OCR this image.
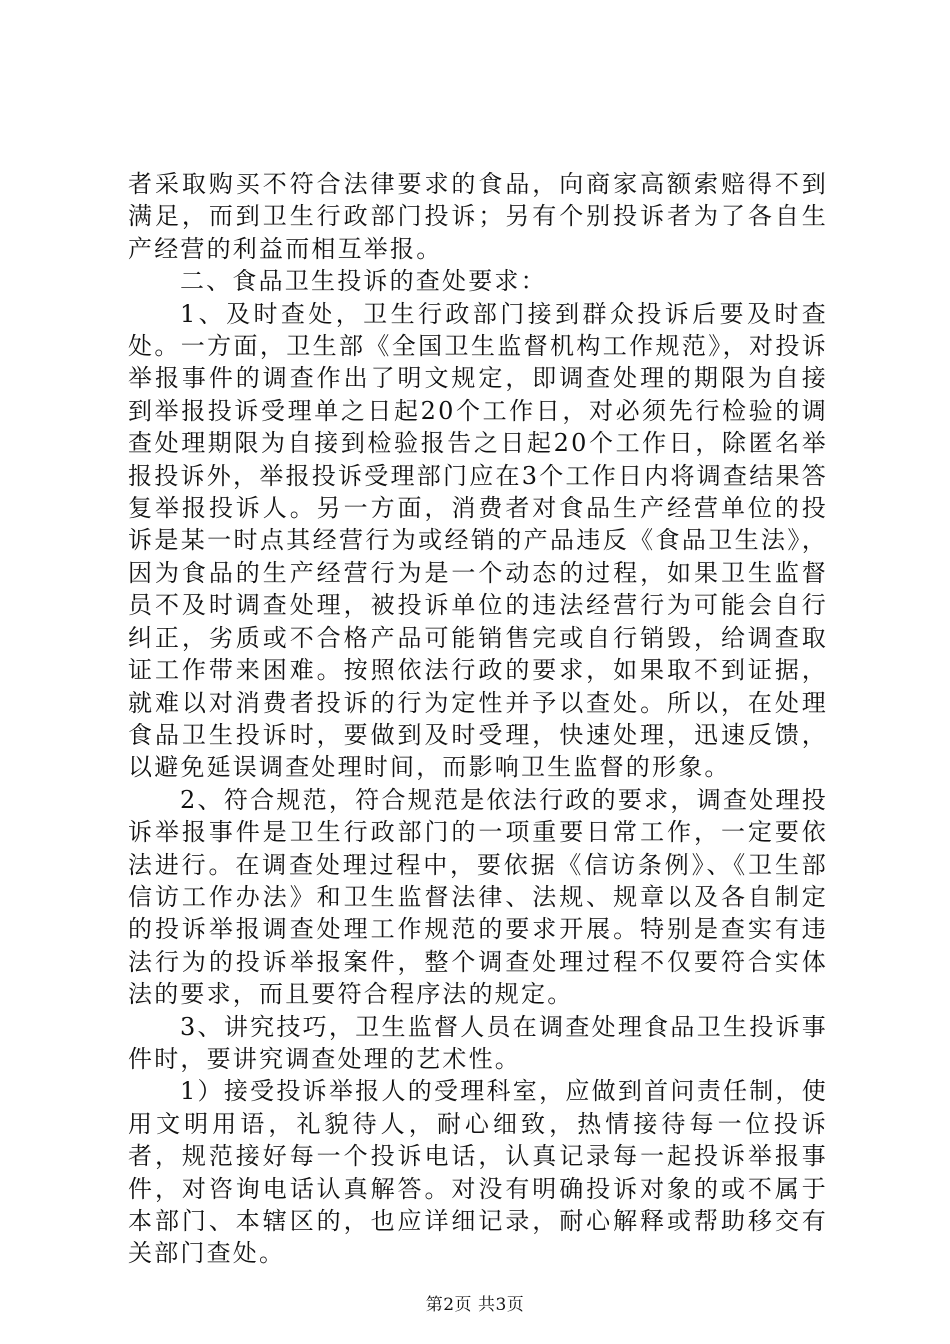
者采取购买不符合法律要求的食品，向商家高额索赔得不到满足，而到卫生行政部门投诉；另有个别投诉者为了各自生产经营的利益而相互举报。

二、食品卫生投诉的查处要求：

1、及时查处，卫生行政部门接到群众投诉后要及时查处。一方面，卫生部《全国卫生监督机构工作规范》，对投诉举报事件的调查作出了明文规定，即调查处理的期限为自接到举报投诉受理单之日起20个工作日，对必须先行检验的调查处理期限为自接到检验报告之日起20个工作日，除匿名举报投诉外，举报投诉受理部门应在3个工作日内将调查结果答复举报投诉人。另一方面，消费者对食品生产经营单位的投诉是某一时点其经营行为或经销的产品违反《食品卫生法》，因为食品的生产经营行为是一个动态的过程，如果卫生监督员不及时调查处理，被投诉单位的违法经营行为可能会自行纠正，劣质或不合格产品可能销售完或自行销毁，给调查取证工作带来困难。按照依法行政的要求，如果取不到证据，就难以对消费者投诉的行为定性并予以查处。所以，在处理食品卫生投诉时，要做到及时受理，快速处理，迅速反馈，以避免延误调查处理时间，而影响卫生监督的形象。

2、符合规范，符合规范是依法行政的要求，调查处理投诉举报事件是卫生行政部门的一项重要日常工作，一定要依法进行。在调查处理过程中，要依据《信访条例》、《卫生部信访工作办法》和卫生监督法律、法规、规章以及各自制定的投诉举报调查处理工作规范的要求开展。特别是查实有违法行为的投诉举报案件，整个调查处理过程不仅要符合实体法的要求，而且要符合程序法的规定。

3、讲究技巧，卫生监督人员在调查处理食品卫生投诉事件时，要讲究调查处理的艺术性。

1）接受投诉举报人的受理科室，应做到首问责任制，使用文明用语，礼貌待人，耐心细致，热情接待每一位投诉者，规范接好每一个投诉电话，认真记录每一起投诉举报事件，对咨询电话认真解答。对没有明确投诉对象的或不属于本部门、本辖区的，也应详细记录，耐心解释或帮助移交有关部门查处。

第2页 共3页
